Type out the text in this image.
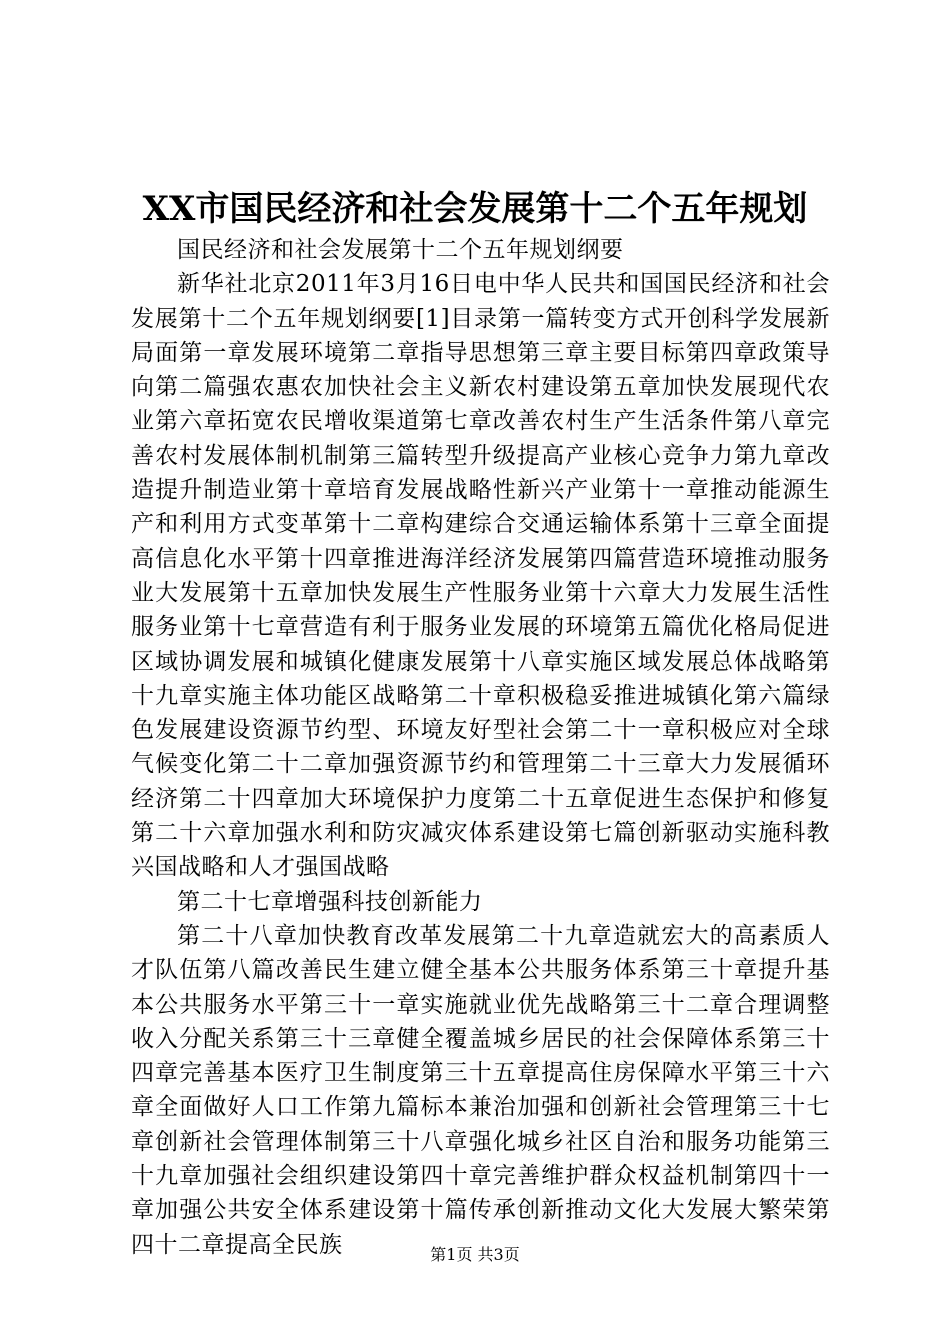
XX市国民经济和社会发展第十二个五年规划

国民经济和社会发展第十二个五年规划纲要

新华社北京2011年3月16日电中华人民共和国国民经济和社会发展第十二个五年规划纲要[1]目录第一篇转变方式开创科学发展新局面第一章发展环境第二章指导思想第三章主要目标第四章政策导向第二篇强农惠农加快社会主义新农村建设第五章加快发展现代农业第六章拓宽农民增收渠道第七章改善农村生产生活条件第八章完善农村发展体制机制第三篇转型升级提高产业核心竞争力第九章改造提升制造业第十章培育发展战略性新兴产业第十一章推动能源生产和利用方式变革第十二章构建综合交通运输体系第十三章全面提高信息化水平第十四章推进海洋经济发展第四篇营造环境推动服务业大发展第十五章加快发展生产性服务业第十六章大力发展生活性服务业第十七章营造有利于服务业发展的环境第五篇优化格局促进区域协调发展和城镇化健康发展第十八章实施区域发展总体战略第十九章实施主体功能区战略第二十章积极稳妥推进城镇化第六篇绿色发展建设资源节约型、环境友好型社会第二十一章积极应对全球气候变化第二十二章加强资源节约和管理第二十三章大力发展循环经济第二十四章加大环境保护力度第二十五章促进生态保护和修复第二十六章加强水利和防灾减灾体系建设第七篇创新驱动实施科教兴国战略和人才强国战略

第二十七章增强科技创新能力

第二十八章加快教育改革发展第二十九章造就宏大的高素质人才队伍第八篇改善民生建立健全基本公共服务体系第三十章提升基本公共服务水平第三十一章实施就业优先战略第三十二章合理调整收入分配关系第三十三章健全覆盖城乡居民的社会保障体系第三十四章完善基本医疗卫生制度第三十五章提高住房保障水平第三十六章全面做好人口工作第九篇标本兼治加强和创新社会管理第三十七章创新社会管理体制第三十八章强化城乡社区自治和服务功能第三十九章加强社会组织建设第四十章完善维护群众权益机制第四十一章加强公共安全体系建设第十篇传承创新推动文化大发展大繁荣第四十二章提高全民族	第1页 共3页
